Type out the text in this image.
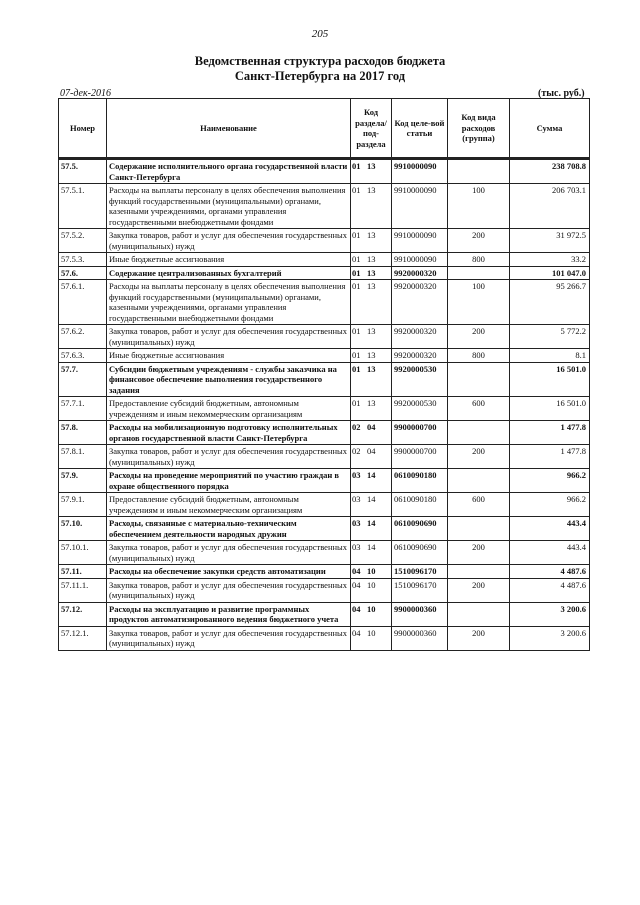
205
Ведомственная структура расходов бюджета
Санкт-Петербурга на 2017 год
07-дек-2016	(тыс. руб.)
Номер	Наименование	Код раздела/ под-раздела	Код целе-вой статьи	Код вида расходов (группа)	Сумма

57.5.	Содержание исполнительного органа государственной власти Санкт-Петербурга	01 13	9910000090		238 708.8
57.5.1.	Расходы на выплаты персоналу в целях обеспечения выполнения функций государственными (муниципальными) органами, казенными учреждениями, органами управления государственными внебюджетными фондами	01 13	9910000090	100	206 703.1
57.5.2.	Закупка товаров, работ и услуг для обеспечения государственных (муниципальных) нужд	01 13	9910000090	200	31 972.5
57.5.3.	Иные бюджетные ассигнования	01 13	9910000090	800	33.2
57.6.	Содержание централизованных бухгалтерий	01 13	9920000320		101 047.0
57.6.1.	Расходы на выплаты персоналу в целях обеспечения выполнения функций государственными (муниципальными) органами, казенными учреждениями, органами управления государственными внебюджетными фондами	01 13	9920000320	100	95 266.7
57.6.2.	Закупка товаров, работ и услуг для обеспечения государственных (муниципальных) нужд	01 13	9920000320	200	5 772.2
57.6.3.	Иные бюджетные ассигнования	01 13	9920000320	800	8.1
57.7.	Субсидии бюджетным учреждениям - службы заказчика на финансовое обеспечение выполнения государственного задания	01 13	9920000530		16 501.0
57.7.1.	Предоставление субсидий бюджетным, автономным учреждениям и иным некоммерческим организациям	01 13	9920000530	600	16 501.0
57.8.	Расходы на мобилизационную подготовку исполнительных органов государственной власти Санкт-Петербурга	02 04	9900000700		1 477.8
57.8.1.	Закупка товаров, работ и услуг для обеспечения государственных (муниципальных) нужд	02 04	9900000700	200	1 477.8
57.9.	Расходы на проведение мероприятий по участию граждан в охране общественного порядка	03 14	0610090180		966.2
57.9.1.	Предоставление субсидий бюджетным, автономным учреждениям и иным некоммерческим организациям	03 14	0610090180	600	966.2
57.10.	Расходы, связанные с материально-техническим обеспечением деятельности народных дружин	03 14	0610090690		443.4
57.10.1.	Закупка товаров, работ и услуг для обеспечения государственных (муниципальных) нужд	03 14	0610090690	200	443.4
57.11.	Расходы на обеспечение закупки средств автоматизации	04 10	1510096170		4 487.6
57.11.1.	Закупка товаров, работ и услуг для обеспечения государственных (муниципальных) нужд	04 10	1510096170	200	4 487.6
57.12.	Расходы на эксплуатацию и развитие программных продуктов автоматизированного ведения бюджетного учета	04 10	9900000360		3 200.6
57.12.1.	Закупка товаров, работ и услуг для обеспечения государственных (муниципальных) нужд	04 10	9900000360	200	3 200.6
